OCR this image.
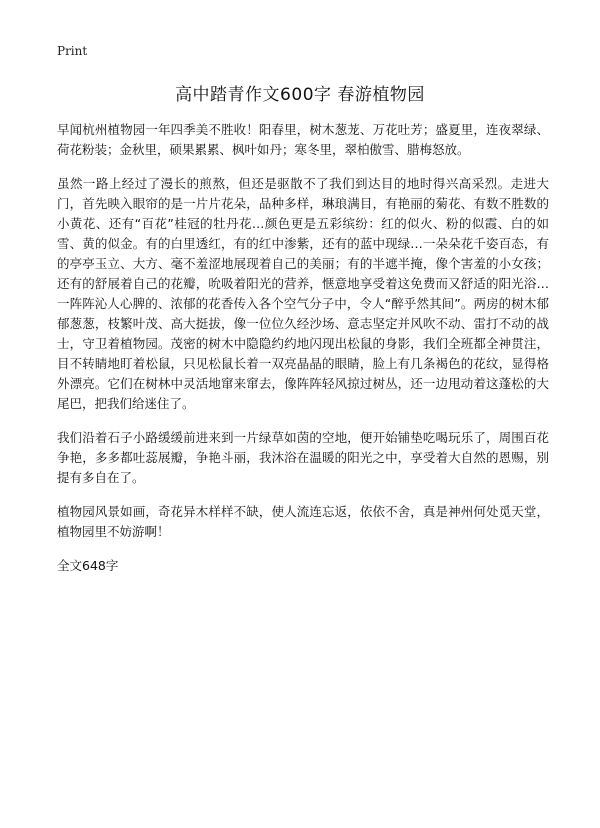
Print
高中踏青作文600字 春游植物园

早闻杭州植物园一年四季美不胜收！阳春里，树木葱茏、万花吐芳；盛夏里，连夜翠绿、荷花粉装；金秋里，硕果累累、枫叶如丹；寒冬里，翠柏傲雪、腊梅怒放。

虽然一路上经过了漫长的煎熬，但还是驱散不了我们到达目的地时得兴高采烈。走进大门，首先映入眼帘的是一片片花朵，品种多样，琳琅满目，有艳丽的菊花、有数不胜数的小黄花、还有“百花”桂冠的牡丹花…颜色更是五彩缤纷：红的似火、粉的似霞、白的如雪、黄的似金。有的白里透红，有的红中渗紫，还有的蓝中现绿…一朵朵花千姿百态，有的亭亭玉立、大方、毫不羞涩地展现着自己的美丽；有的半遮半掩，像个害羞的小女孩；还有的舒展着自己的花瓣，吮吸着阳光的营养，惬意地享受着这免费而又舒适的阳光浴…一阵阵沁人心脾的、浓郁的花香传入各个空气分子中，令人“醉乎然其间”。两房的树木郁郁葱葱，枝繁叶茂、高大挺拔，像一位位久经沙场、意志坚定并风吹不动、雷打不动的战士，守卫着植物园。茂密的树木中隐隐约约地闪现出松鼠的身影，我们全班都全神贯注，目不转睛地盯着松鼠，只见松鼠长着一双亮晶晶的眼睛，脸上有几条褐色的花纹，显得格外漂亮。它们在树林中灵活地窜来窜去，像阵阵轻风掠过树丛，还一边甩动着这蓬松的大尾巴，把我们给迷住了。

我们沿着石子小路缓缓前进来到一片绿草如茵的空地，便开始铺垫吃喝玩乐了，周围百花争艳，多多都吐蕊展瓣，争艳斗丽，我沐浴在温暖的阳光之中，享受着大自然的恩赐，别提有多自在了。

植物园风景如画，奇花异木样样不缺，使人流连忘返，依依不舍，真是神州何处觅天堂，植物园里不妨游啊！

全文648字
